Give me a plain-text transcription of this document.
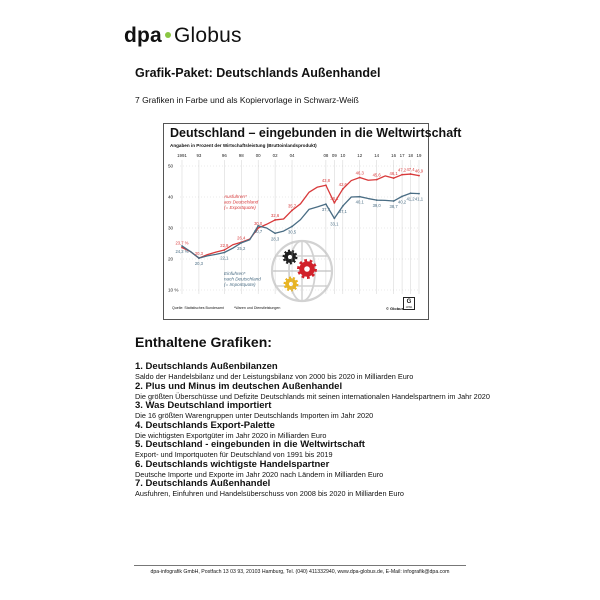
dpa Globus
Grafik-Paket: Deutschlands Außenhandel
7 Grafiken in Farbe und als Kopiervorlage in Schwarz-Weiß
1991 93	96	98	00	02	04	08 09 10	12	14	16 17 18 19
50
40
30
20
10 %
23,7 %
20,3
22,9
26,4
30,0
32,6
35,7
43,8
38,1
42,6
46,3 45,6 46,1
47,2 47,4 46,9
24,2 %
20,3
22,1
25,2
30,7
28,3
30,5
37,7
33,1
37,1
40,1
39,0 38,7
40,2
41,2 41,1
Ausfuhren*
aus Deutschland
(= Exportquote)
Einfuhren*
nach Deutschland
(= Importquote)
Deutschland – eingebunden in die Weltwirtschaft
Angaben in Prozent der Wirtschaftsleistung (Bruttoinlandsprodukt)
Quelle: Statistisches Bundesamt	*Waren und Dienstleistungen	© Globus
G
14591
Enthaltene Grafiken:
1. Deutschlands Außenbilanzen
Saldo der Handelsbilanz und der Leistungsbilanz von 2000 bis 2020 in Milliarden Euro
2. Plus und Minus im deutschen Außenhandel
Die größten Überschüsse und Defizite Deutschlands mit seinen internationalen Handelspartnern im Jahr 2020
3. Was Deutschland importiert
Die 16 größten Warengruppen unter Deutschlands Importen im Jahr 2020
4. Deutschlands Export-Palette
Die wichtigsten Exportgüter im Jahr 2020 in Milliarden Euro
5. Deutschland - eingebunden in die Weltwirtschaft
Export- und Importquoten für Deutschland von 1991 bis 2019
6. Deutschlands wichtigste Handelspartner
Deutsche Importe und Exporte im Jahr 2020 nach Ländern in Milliarden Euro
7. Deutschlands Außenhandel
Ausfuhren, Einfuhren und Handelsüberschuss von 2008 bis 2020 in Milliarden Euro
dpa-infografik GmbH, Postfach 13 03 93, 20103 Hamburg, Tel. (040) 411332940, www.dpa-globus.de, E-Mail: infografik@dpa.com
